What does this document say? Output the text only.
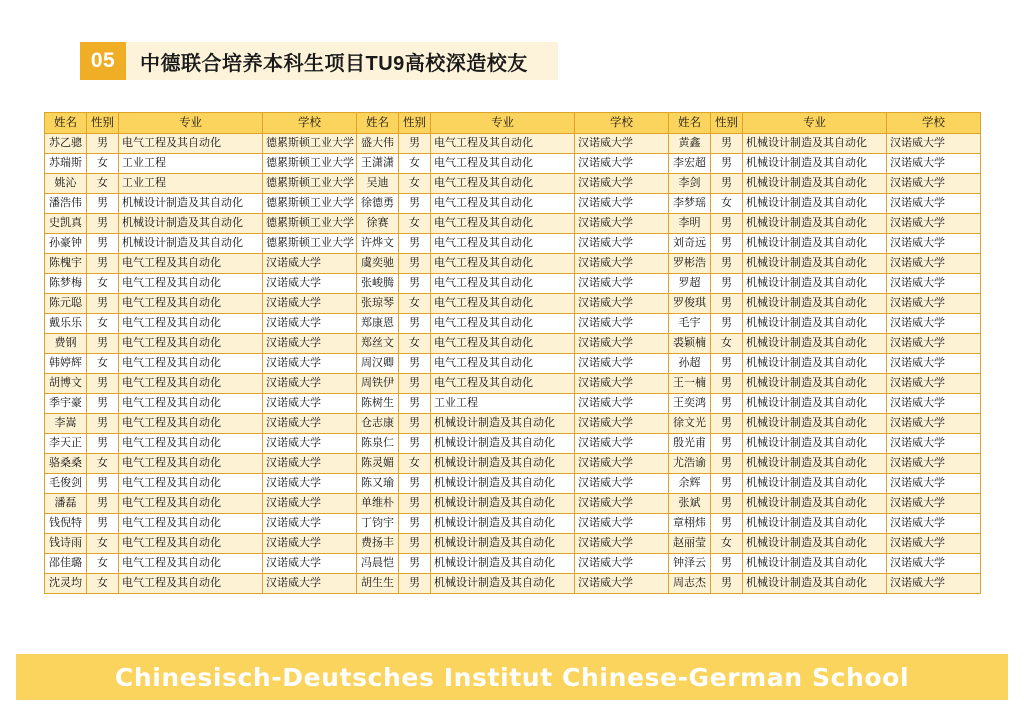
05	中德联合培养本科生项目TU9高校深造校友
姓名	性别	专业	学校	姓名	性别	专业	学校	姓名	性别	专业	学校
苏乙骢	男	电气工程及其自动化	德累斯顿工业大学	盛大伟	男	电气工程及其自动化	汉诺威大学	黄鑫	男	机械设计制造及其自动化	汉诺威大学
苏瑞斯	女	工业工程	德累斯顿工业大学	王潇潇	女	电气工程及其自动化	汉诺威大学	李宏超	男	机械设计制造及其自动化	汉诺威大学
姚沁	女	工业工程	德累斯顿工业大学	吴迪	女	电气工程及其自动化	汉诺威大学	李剑	男	机械设计制造及其自动化	汉诺威大学
潘浩伟	男	机械设计制造及其自动化	德累斯顿工业大学	徐德勇	男	电气工程及其自动化	汉诺威大学	李梦瑶	女	机械设计制造及其自动化	汉诺威大学
史凯真	男	机械设计制造及其自动化	德累斯顿工业大学	徐赛	女	电气工程及其自动化	汉诺威大学	李明	男	机械设计制造及其自动化	汉诺威大学
孙豪钟	男	机械设计制造及其自动化	德累斯顿工业大学	许烨文	男	电气工程及其自动化	汉诺威大学	刘奇远	男	机械设计制造及其自动化	汉诺威大学
陈槐宇	男	电气工程及其自动化	汉诺威大学	虞奕驰	男	电气工程及其自动化	汉诺威大学	罗彬浩	男	机械设计制造及其自动化	汉诺威大学
陈梦梅	女	电气工程及其自动化	汉诺威大学	张峻腾	男	电气工程及其自动化	汉诺威大学	罗超	男	机械设计制造及其自动化	汉诺威大学
陈元聪	男	电气工程及其自动化	汉诺威大学	张琼琴	女	电气工程及其自动化	汉诺威大学	罗俊琪	男	机械设计制造及其自动化	汉诺威大学
戴乐乐	女	电气工程及其自动化	汉诺威大学	郑康恩	男	电气工程及其自动化	汉诺威大学	毛宇	男	机械设计制造及其自动化	汉诺威大学
费钢	男	电气工程及其自动化	汉诺威大学	郑丝文	女	电气工程及其自动化	汉诺威大学	裘颖楠	女	机械设计制造及其自动化	汉诺威大学
韩婷辉	女	电气工程及其自动化	汉诺威大学	周汉卿	男	电气工程及其自动化	汉诺威大学	孙超	男	机械设计制造及其自动化	汉诺威大学
胡博文	男	电气工程及其自动化	汉诺威大学	周铁伊	男	电气工程及其自动化	汉诺威大学	王一楠	男	机械设计制造及其自动化	汉诺威大学
季宇豪	男	电气工程及其自动化	汉诺威大学	陈树生	男	工业工程	汉诺威大学	王奕鸿	男	机械设计制造及其自动化	汉诺威大学
李嵩	男	电气工程及其自动化	汉诺威大学	仓志康	男	机械设计制造及其自动化	汉诺威大学	徐文光	男	机械设计制造及其自动化	汉诺威大学
李天正	男	电气工程及其自动化	汉诺威大学	陈泉仁	男	机械设计制造及其自动化	汉诺威大学	殷光甫	男	机械设计制造及其自动化	汉诺威大学
骆桑桑	女	电气工程及其自动化	汉诺威大学	陈灵媚	女	机械设计制造及其自动化	汉诺威大学	尤浩谕	男	机械设计制造及其自动化	汉诺威大学
毛俊剑	男	电气工程及其自动化	汉诺威大学	陈又瑜	男	机械设计制造及其自动化	汉诺威大学	余辉	男	机械设计制造及其自动化	汉诺威大学
潘磊	男	电气工程及其自动化	汉诺威大学	单维朴	男	机械设计制造及其自动化	汉诺威大学	张斌	男	机械设计制造及其自动化	汉诺威大学
钱倪特	男	电气工程及其自动化	汉诺威大学	丁钧宇	男	机械设计制造及其自动化	汉诺威大学	章栩炜	男	机械设计制造及其自动化	汉诺威大学
钱诗雨	女	电气工程及其自动化	汉诺威大学	费扬丰	男	机械设计制造及其自动化	汉诺威大学	赵丽莹	女	机械设计制造及其自动化	汉诺威大学
邵佳璐	女	电气工程及其自动化	汉诺威大学	冯晨恺	男	机械设计制造及其自动化	汉诺威大学	钟泽云	男	机械设计制造及其自动化	汉诺威大学
沈灵均	女	电气工程及其自动化	汉诺威大学	胡生生	男	机械设计制造及其自动化	汉诺威大学	周志杰	男	机械设计制造及其自动化	汉诺威大学
Chinesisch-Deutsches Institut Chinese-German School
